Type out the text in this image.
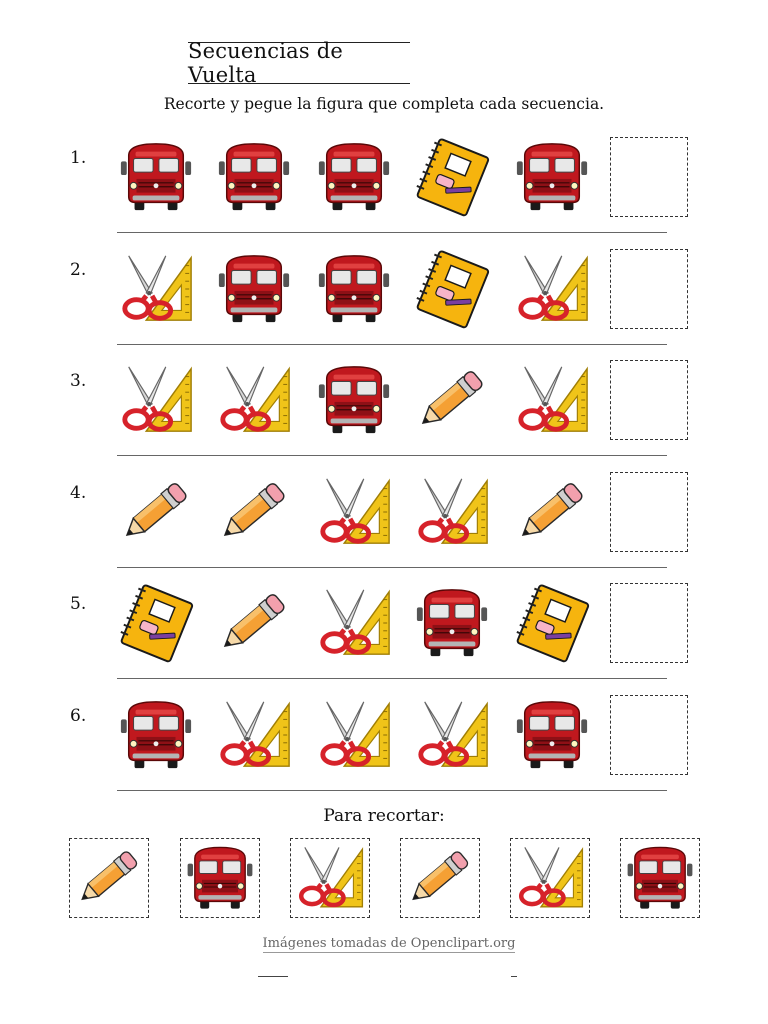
Secuencias de Vuelta
Recorte y pegue la figura que completa cada secuencia.
1.
2.
3.
4.
5.
6.
Para recortar:
Imágenes tomadas de Openclipart.org
